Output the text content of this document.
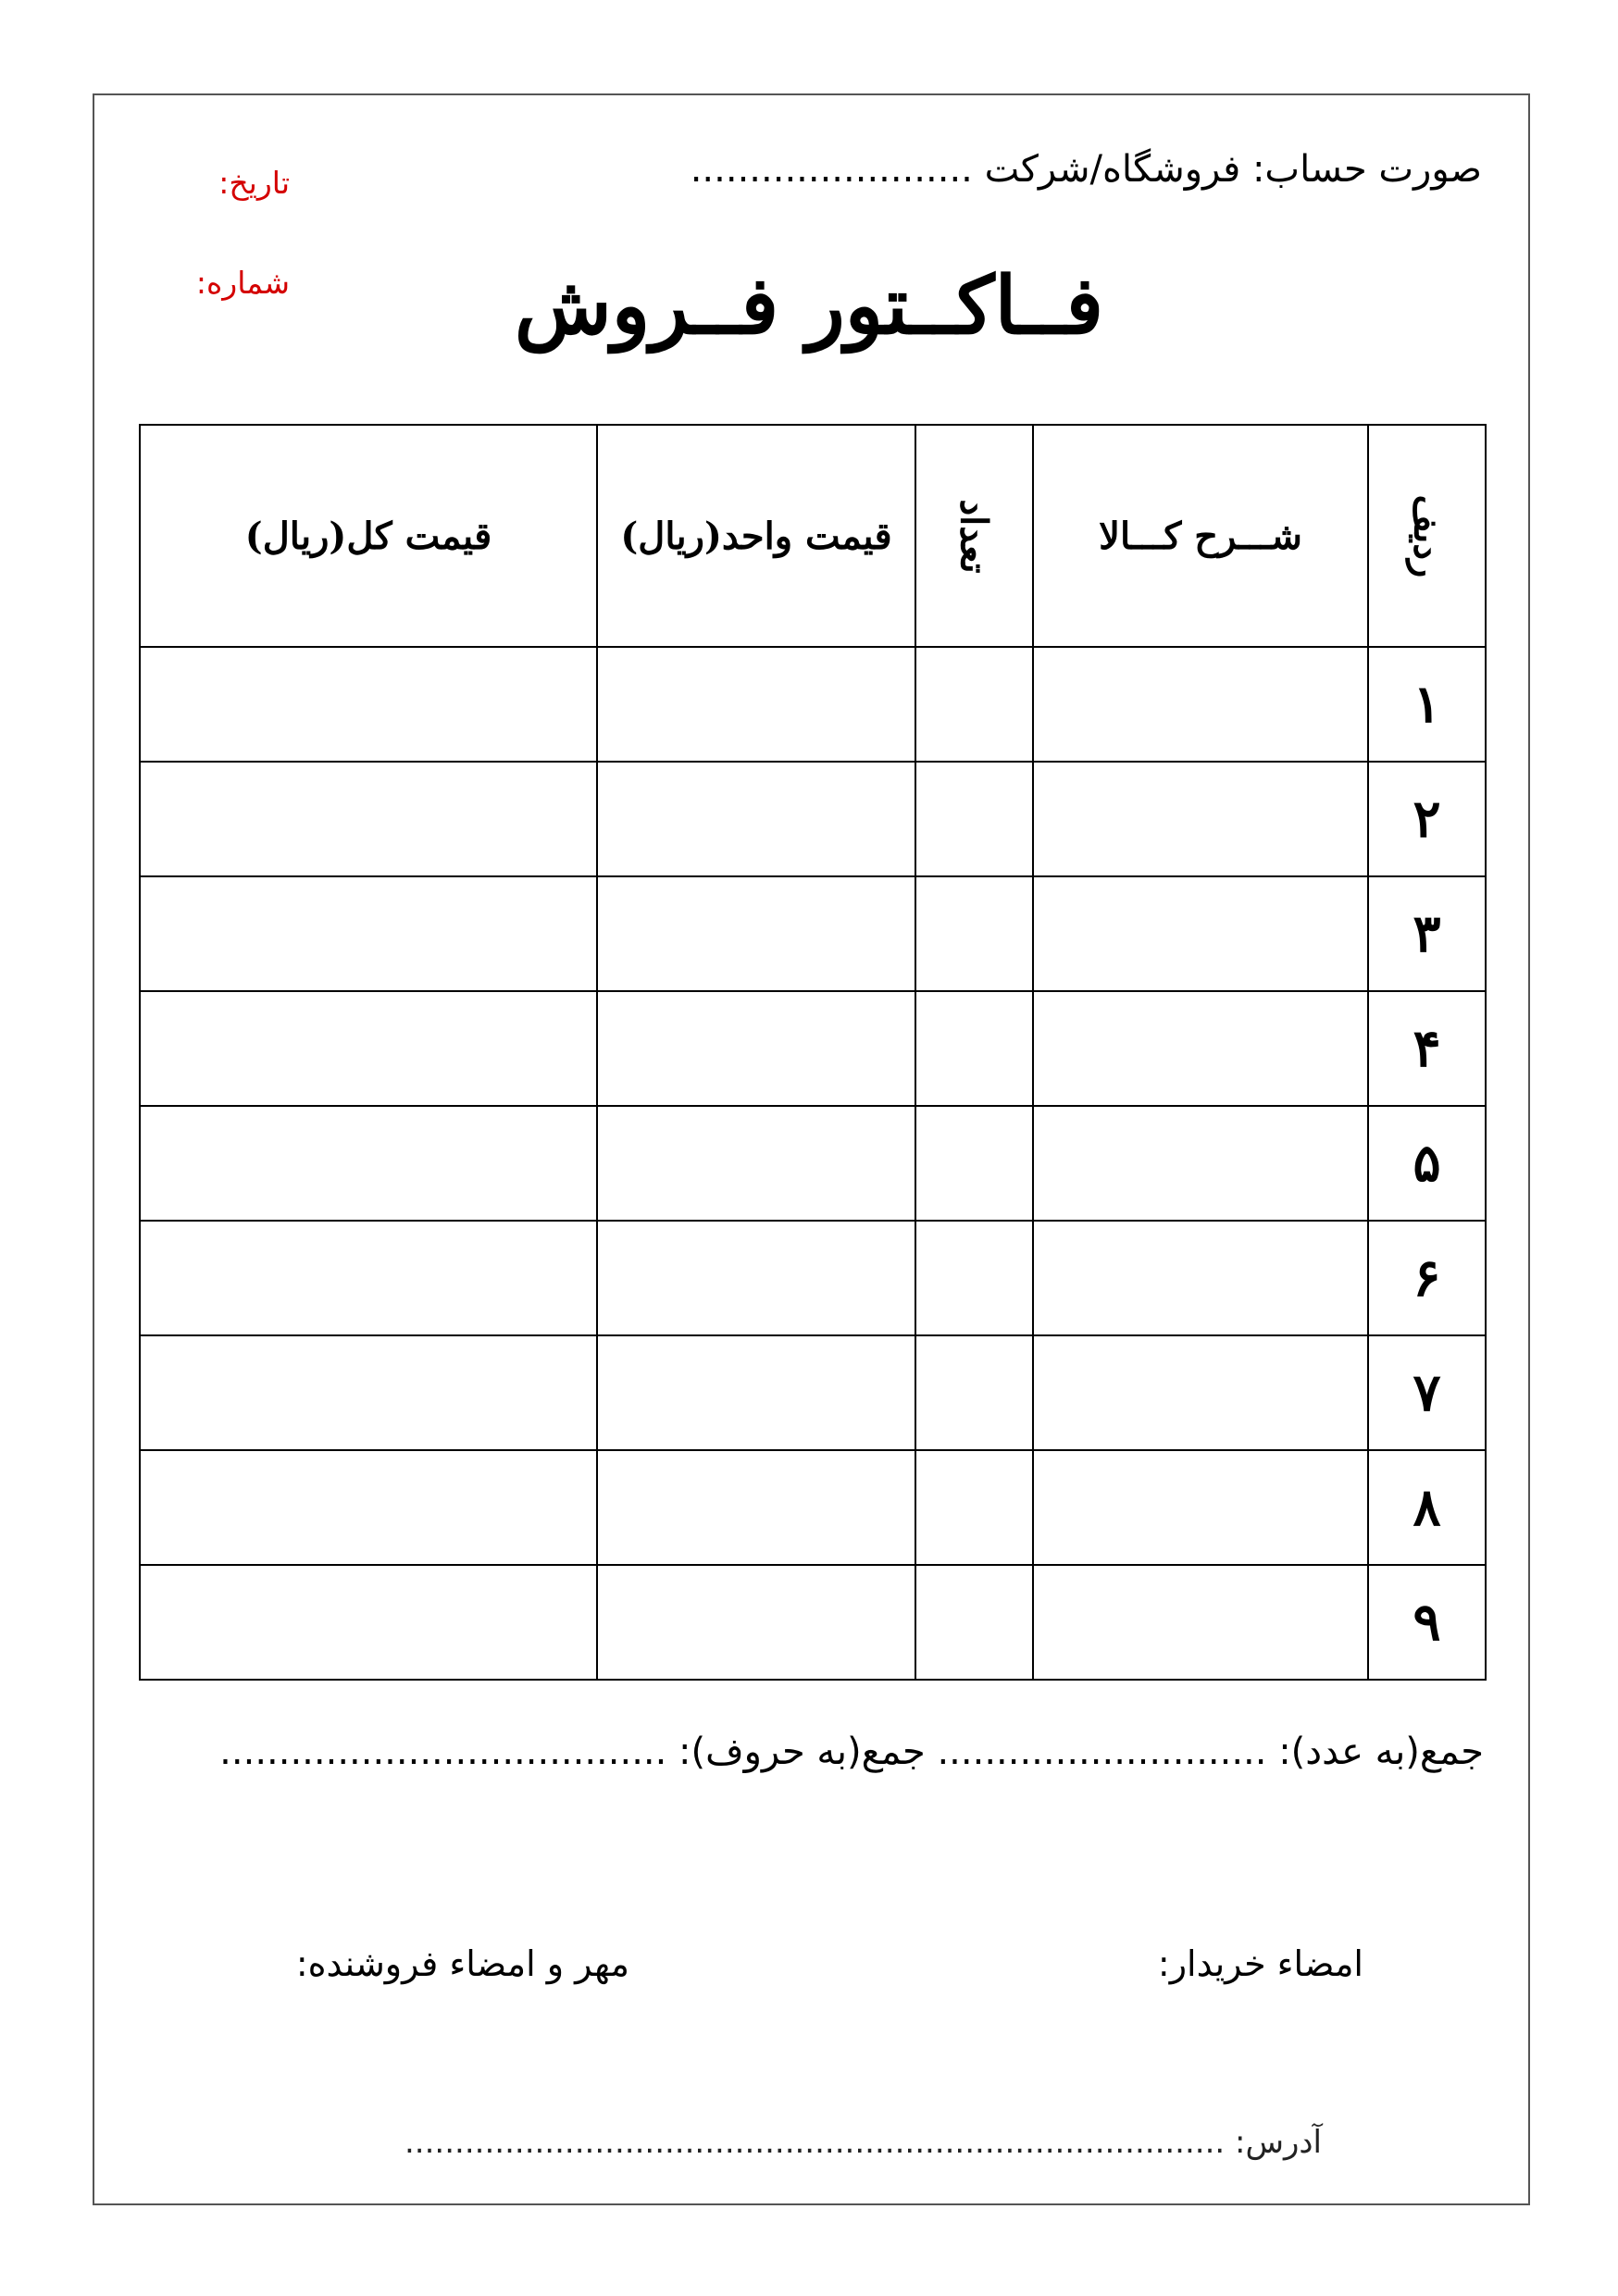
صورت حساب: فروشگاه/شرکت ........................
تاریخ:
شماره:	فــاکــتور فــروش
ردیف	شـــرح کـــالا	تعداد	قیمت واحد(ریال)	قیمت کل(ریال)
۱				
۲				
۳				
۴				
۵				
۶				
۷				
۸				
۹				
جمع(به عدد): ............................ جمع(به حروف): ......................................
امضاء خریدار:
مهر و امضاء فروشنده:
آدرس: ..................................................................................
